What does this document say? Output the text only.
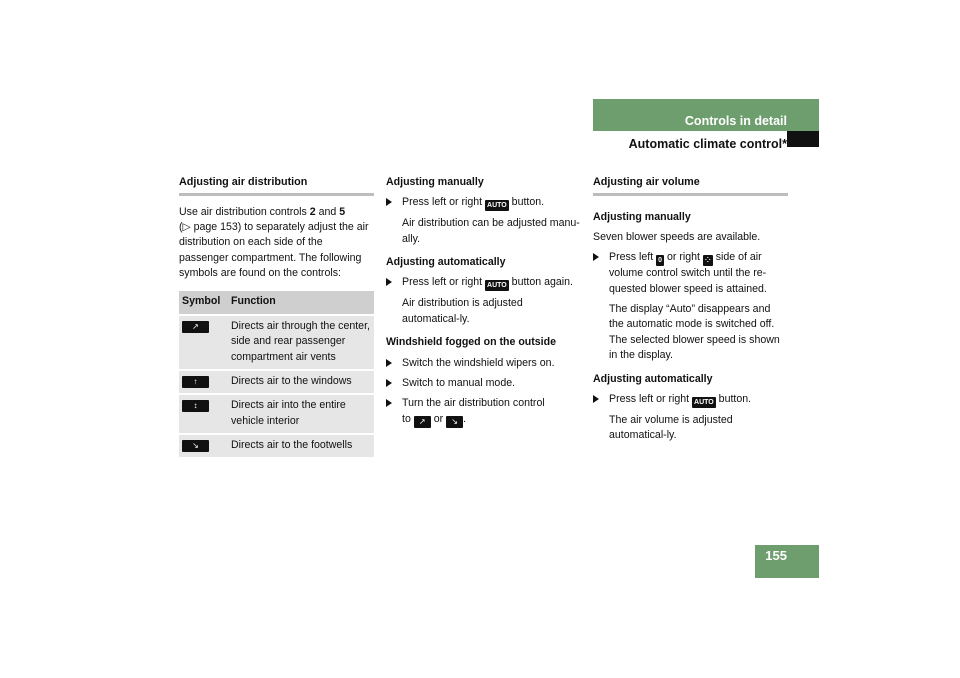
Controls in detail
Automatic climate control*
Adjusting air distribution

Use air distribution controls 2 and 5
(▷ page 153) to separately adjust the air distribution on each side of the passenger compartment. The following symbols are found on the controls:

Symbol	Function
↗	Directs air through the center, side and rear passenger compartment air vents
↑	Directs air to the windows
↕	Directs air into the entire vehicle interior
↘	Directs air to the footwells

Adjusting manually

Press left or right AUTO button.

Air distribution can be adjusted manu-ally.

Adjusting automatically

Press left or right AUTO button again.

Air distribution is adjusted automatical-ly.

Windshield fogged on the outside

Switch the windshield wipers on.

Switch to manual mode.

Turn the air distribution control
to ↗ or ↘ .

Adjusting air volume

Adjusting manually

Seven blower speeds are available.

Press left 0 or right ⁘ side of air volume control switch until the re-quested blower speed is attained.

The display “Auto” disappears and the automatic mode is switched off. The selected blower speed is shown in the display.

Adjusting automatically

Press left or right AUTO button.

The air volume is adjusted automatical-ly.

155
